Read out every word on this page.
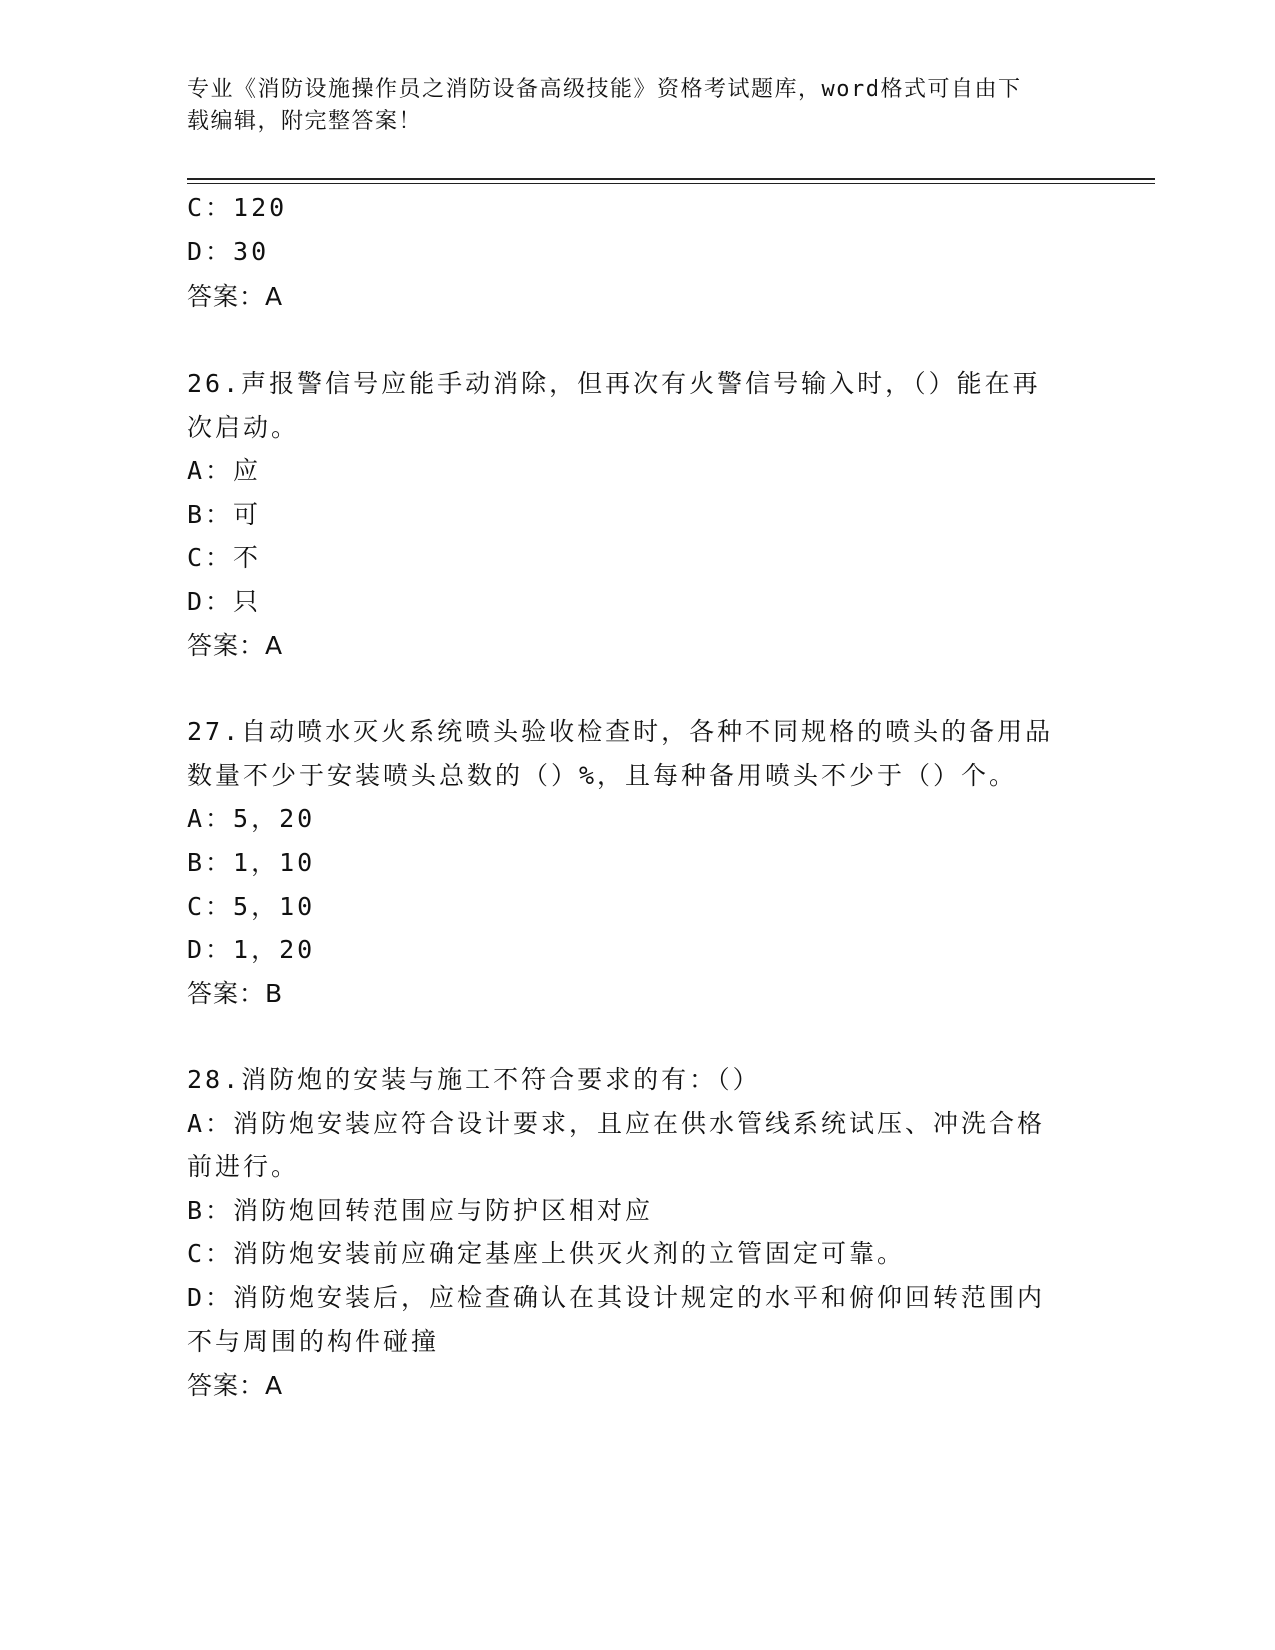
专业《消防设施操作员之消防设备高级技能》资格考试题库，word格式可自由下
载编辑，附完整答案！
C：120
D：30
答案：A
26.声报警信号应能手动消除，但再次有火警信号输入时，（）能在再
次启动。
A：应
B：可
C：不
D：只
答案：A
27.自动喷水灭火系统喷头验收检查时，各种不同规格的喷头的备用品
数量不少于安装喷头总数的（）%，且每种备用喷头不少于（）个。
A：5，20
B：1，10
C：5，10
D：1，20
答案：B
28.消防炮的安装与施工不符合要求的有：（）
A：消防炮安装应符合设计要求，且应在供水管线系统试压、冲洗合格
前进行。
B：消防炮回转范围应与防护区相对应
C：消防炮安装前应确定基座上供灭火剂的立管固定可靠。
D：消防炮安装后，应检查确认在其设计规定的水平和俯仰回转范围内
不与周围的构件碰撞
答案：A
